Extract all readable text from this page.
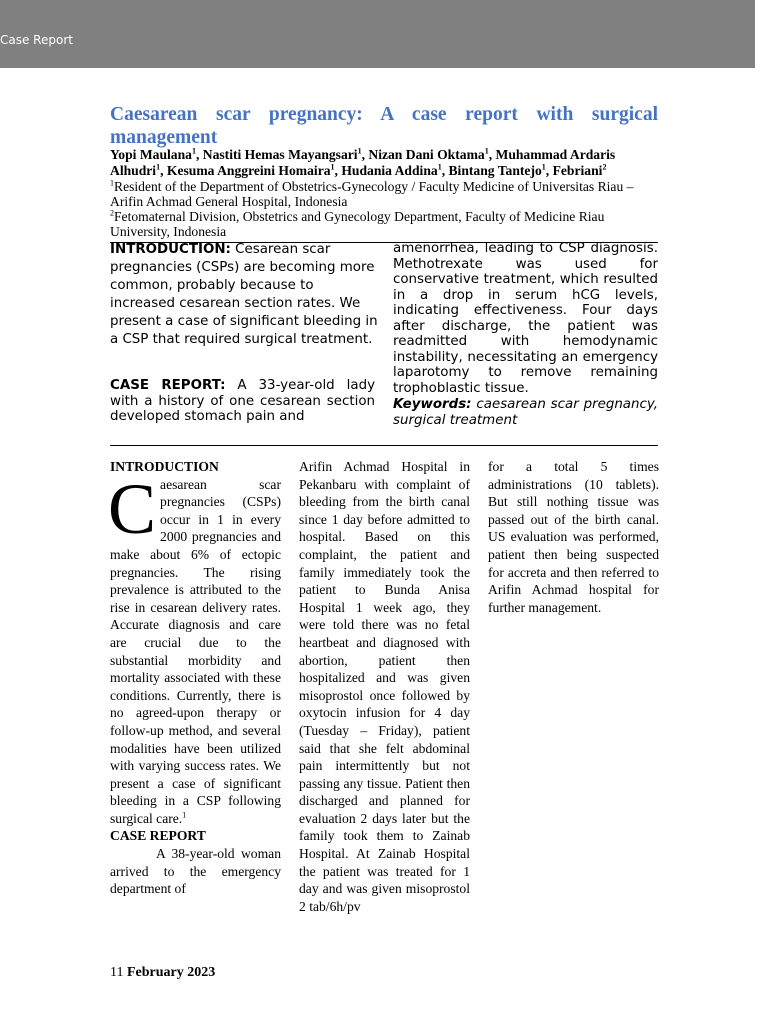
Case Report
Caesarean scar pregnancy: A case report with surgical management
Yopi Maulana$^1$, Nastiti Hemas Mayangsari$^1$, Nizan Dani Oktama$^1$, Muhammad Ardaris Alhudri$^1$, Kesuma Anggreini Homaira$^1$, Hudania Addina$^1$, Bintang Tantejo$^1$, Febriani$^2$
$^1$Resident of the Department of Obstetrics-Gynecology / Faculty Medicine of Universitas Riau – Arifin Achmad General Hospital, Indonesia
$^2$Fetomaternal Division, Obstetrics and Gynecology Department, Faculty of Medicine Riau University, Indonesia
INTRODUCTION: Cesarean scar pregnancies (CSPs) are becoming more common, probably because to increased cesarean section rates. We present a case of significant bleeding in a CSP that required surgical treatment.
CASE REPORT: A 33-year-old lady with a history of one cesarean section developed stomach pain and
amenorrhea, leading to CSP diagnosis. Methotrexate was used for conservative treatment, which resulted in a drop in serum hCG levels, indicating effectiveness. Four days after discharge, the patient was readmitted with hemodynamic instability, necessitating an emergency laparotomy to remove remaining trophoblastic tissue.
Keywords: caesarean scar pregnancy, surgical treatment
INTRODUCTION
C aesarean scar pregnancies (CSPs) occur in 1 in every 2000 pregnancies and make about 6% of ectopic pregnancies. The rising prevalence is attributed to the rise in cesarean delivery rates. Accurate diagnosis and care are crucial due to the substantial morbidity and mortality associated with these conditions. Currently, there is no agreed-upon therapy or follow-up method, and several modalities have been utilized with varying success rates. We present a case of significant bleeding in a CSP following surgical care.$^1$
CASE REPORT
A 38-year-old woman arrived to the emergency department of
Arifin Achmad Hospital in Pekanbaru with complaint of bleeding from the birth canal since 1 day before admitted to hospital. Based on this complaint, the patient and family immediately took the patient to Bunda Anisa Hospital 1 week ago, they were told there was no fetal heartbeat and diagnosed with abortion, patient then hospitalized and was given misoprostol once followed by oxytocin infusion for 4 day (Tuesday – Friday), patient said that she felt abdominal pain intermittently but not passing any tissue. Patient then discharged and planned for evaluation 2 days later but the family took them to Zainab Hospital. At Zainab Hospital the patient was treated for 1 day and was given misoprostol 2 tab/6h/pv
for a total 5 times administrations (10 tablets). But still nothing tissue was passed out of the birth canal. US evaluation was performed, patient then being suspected for accreta and then referred to Arifin Achmad hospital for further management.
11 February 2023
